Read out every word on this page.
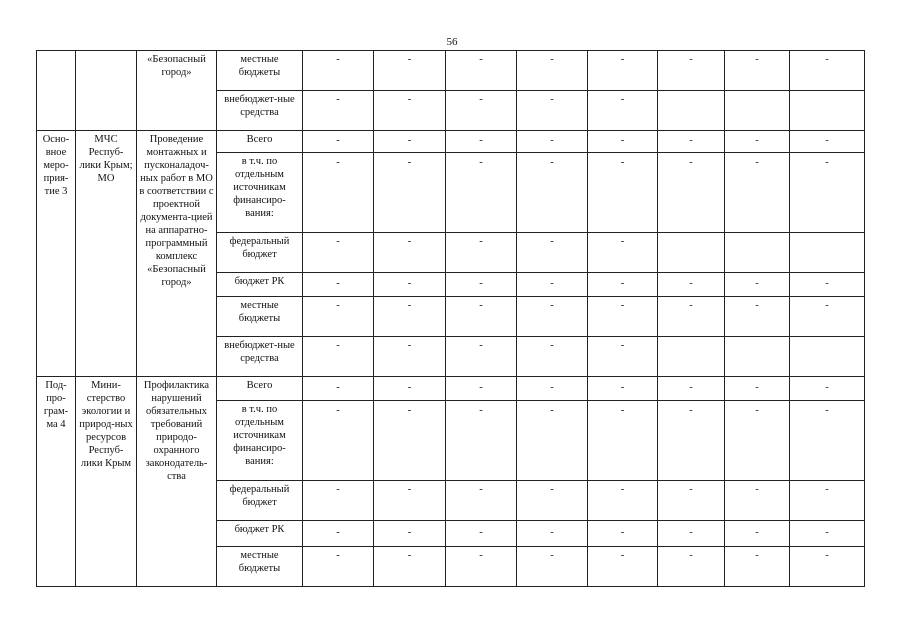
56
		«Безопасный город»	местные бюджеты	-	-	-	-	-	-	-	-
			внебюджет-ные средства	-	-	-	-	-			
Осно-вное меро-прия-тие 3	МЧС Респуб-лики Крым; МО	Проведение монтажных и пусконаладоч-ных работ в МО в соответствии с проектной документа-цией на аппаратно-программный комплекс «Безопасный город»	Всего	-	-	-	-	-	-	-	-
			в т.ч. по отдельным источникам финансиро-вания:	-	-	-	-	-	-	-	-
			федеральный бюджет	-	-	-	-	-			
			бюджет РК	-	-	-	-	-	-	-	-
			местные бюджеты	-	-	-	-	-	-	-	-
			внебюджет-ные средства	-	-	-	-	-			
Под-про-грам-ма 4	Мини-стерство экологии и природ-ных ресурсов Респуб-лики Крым	Профилактика нарушений обязательных требований природо-охранного законодатель-ства	Всего	-	-	-	-	-	-	-	-
			в т.ч. по отдельным источникам финансиро-вания:	-	-	-	-	-	-	-	-
			федеральный бюджет	-	-	-	-	-	-	-	-
			бюджет РК	-	-	-	-	-	-	-	-
			местные бюджеты	-	-	-	-	-	-	-	-
